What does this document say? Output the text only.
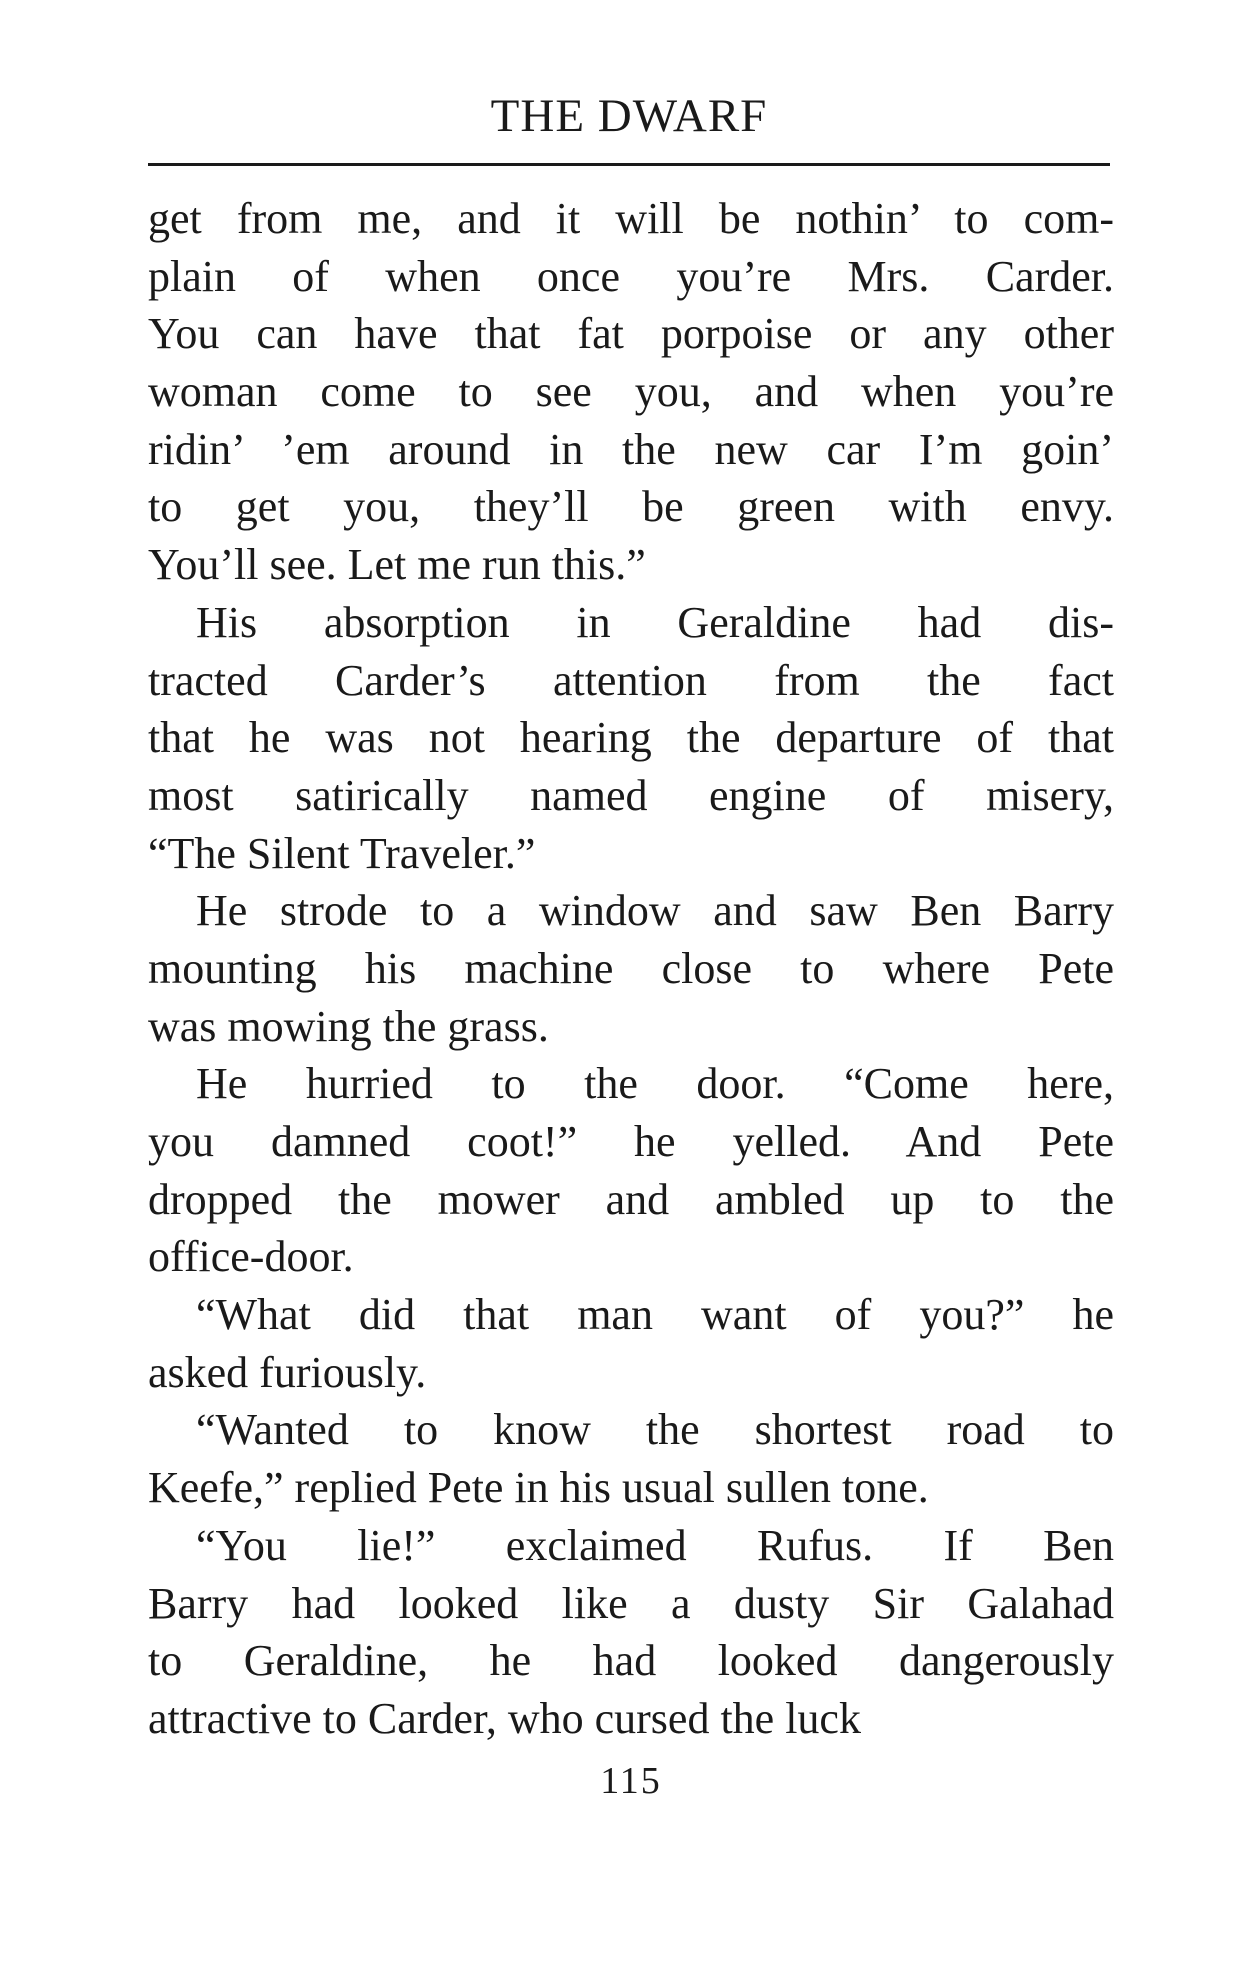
THE DWARF
get from me, and it will be nothin’ to com-
plain of when once you’re Mrs. Carder.
You can have that fat porpoise or any other
woman come to see you, and when you’re
ridin’ ’em around in the new car I’m goin’
to get you, they’ll be green with envy.
You’ll see. Let me run this.”
His absorption in Geraldine had dis-
tracted Carder’s attention from the fact
that he was not hearing the departure of that
most satirically named engine of misery,
“The Silent Traveler.”
He strode to a window and saw Ben Barry
mounting his machine close to where Pete
was mowing the grass.
He hurried to the door. “Come here,
you damned coot!” he yelled. And Pete
dropped the mower and ambled up to the
office-door.
“What did that man want of you?” he
asked furiously.
“Wanted to know the shortest road to
Keefe,” replied Pete in his usual sullen tone.
“You lie!” exclaimed Rufus. If Ben
Barry had looked like a dusty Sir Galahad
to Geraldine, he had looked dangerously
attractive to Carder, who cursed the luck
115
